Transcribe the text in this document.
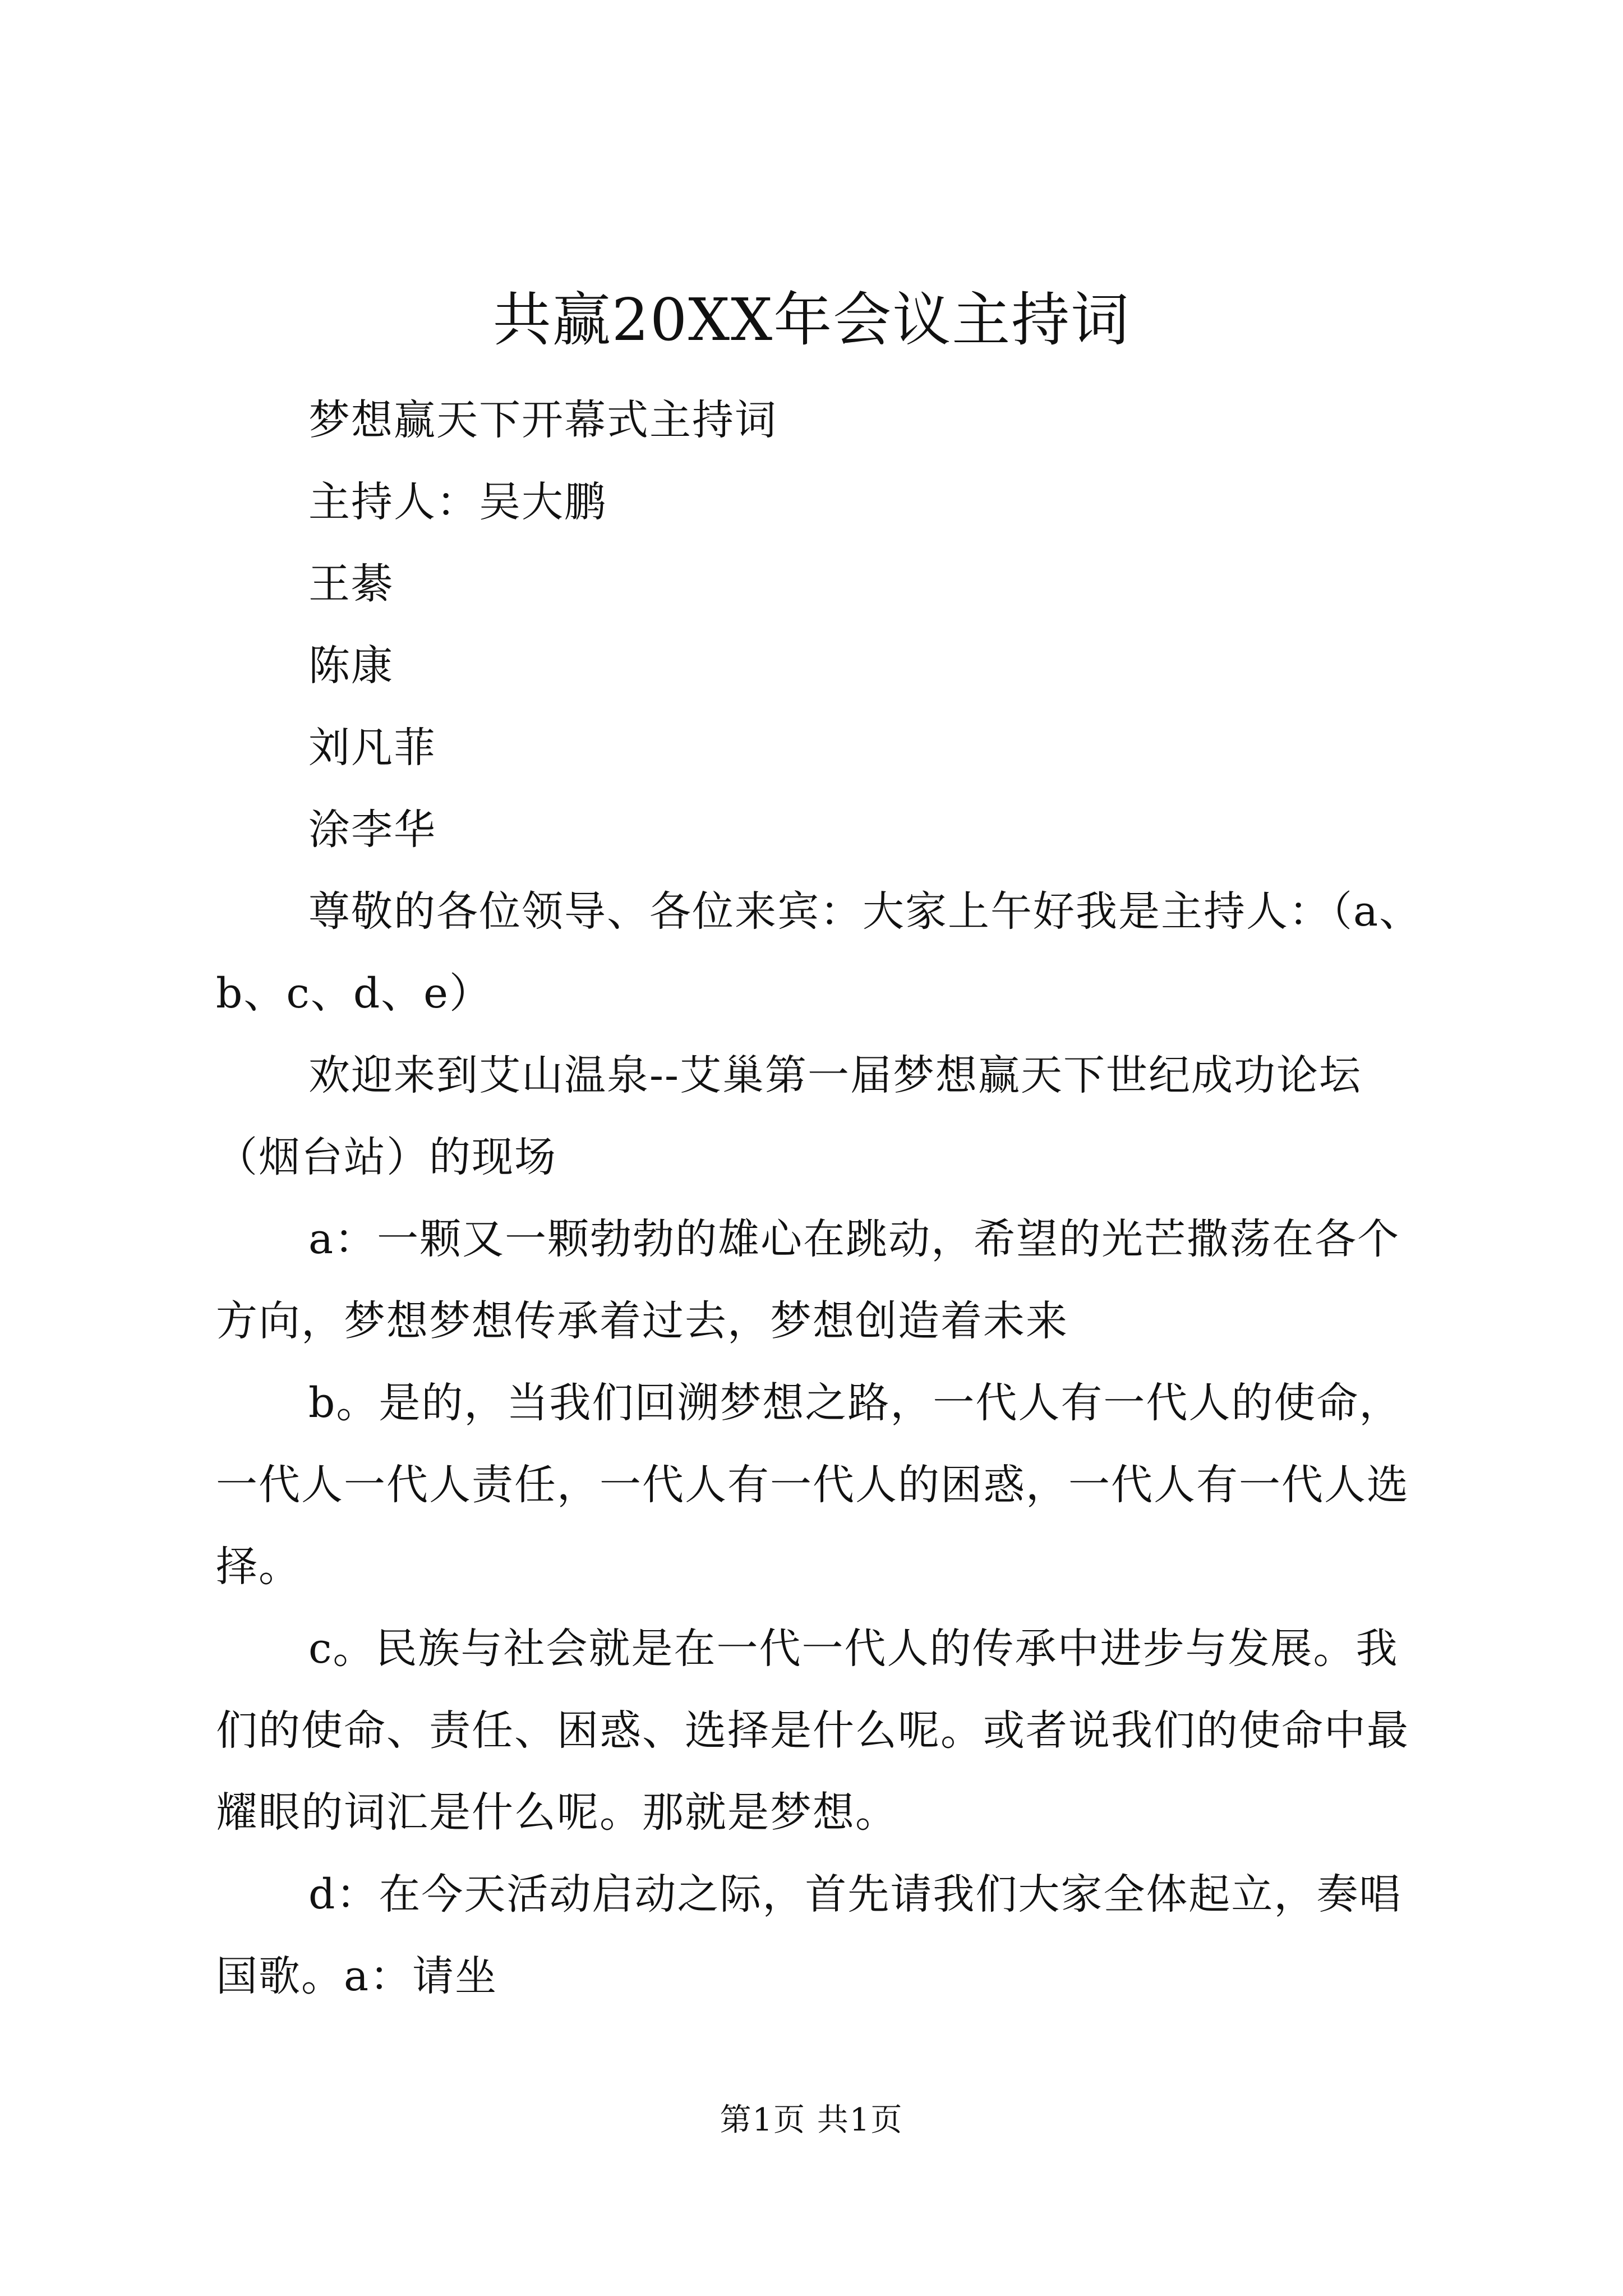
共赢20XX年会议主持词

梦想赢天下开幕式主持词

主持人：吴大鹏

王綦

陈康

刘凡菲

涂李华

尊敬的各位领导、各位来宾：大家上午好我是主持人：（a、b、c、d、e）

欢迎来到艾山温泉--艾巢第一届梦想赢天下世纪成功论坛（烟台站）的现场

a：一颗又一颗勃勃的雄心在跳动，希望的光芒撒荡在各个方向，梦想梦想传承着过去，梦想创造着未来

b。是的，当我们回溯梦想之路，一代人有一代人的使命，一代人一代人责任，一代人有一代人的困惑，一代人有一代人选择。

c。民族与社会就是在一代一代人的传承中进步与发展。我们的使命、责任、困惑、选择是什么呢。或者说我们的使命中最耀眼的词汇是什么呢。那就是梦想。

d：在今天活动启动之际，首先请我们大家全体起立，奏唱国歌。a：请坐

第1页 共1页
